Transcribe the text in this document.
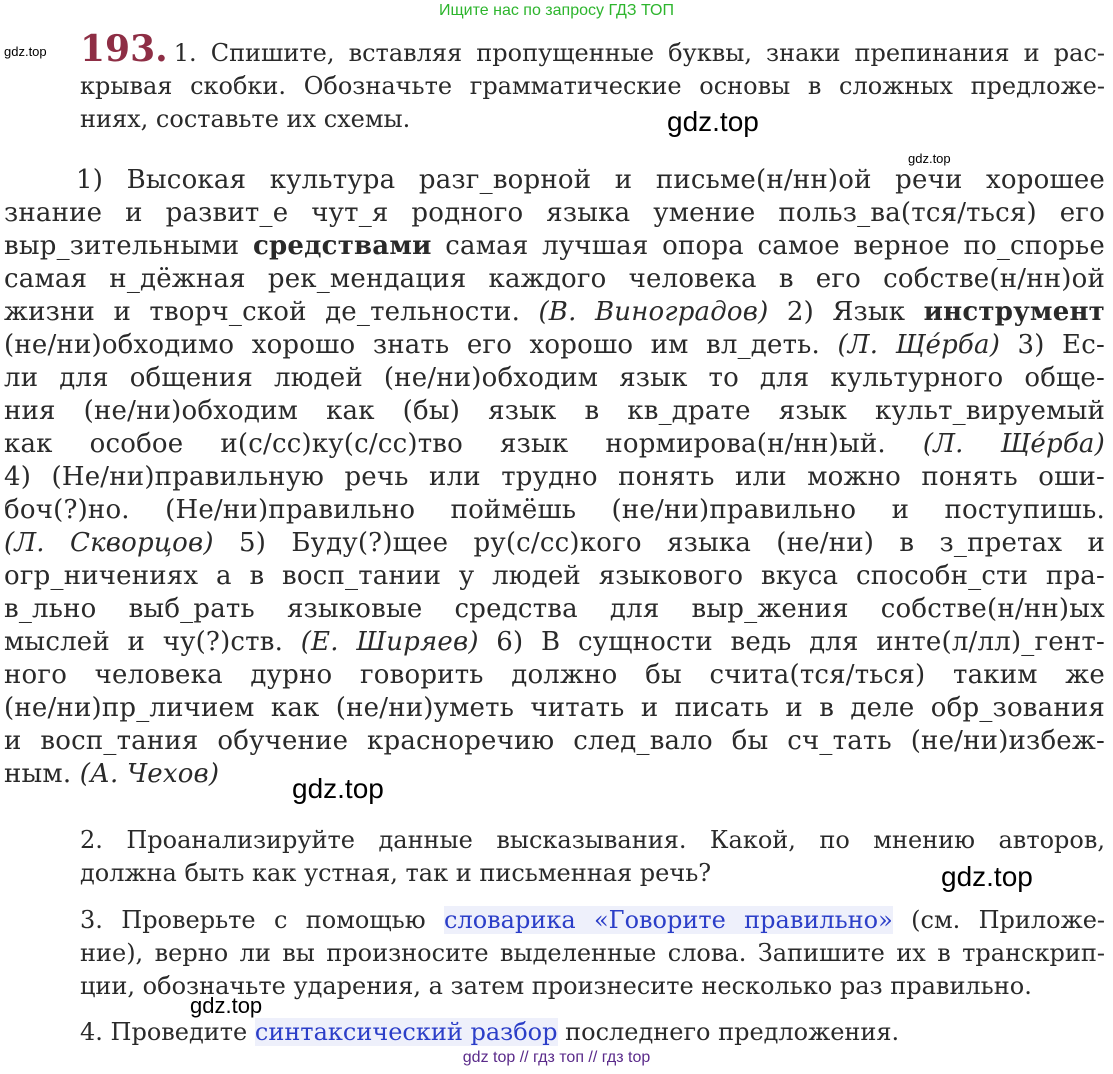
Ищите нас по запросу ГДЗ ТОП
gdz.top
gdz.top
gdz.top
gdz.top
gdz.top
gdz.top
193. 1. Спишите, вставляя пропущенные буквы, знаки препинания и рас-
крывая скобки. Обозначьте грамматические основы в сложных предложе-
ниях, составьте их схемы.
1) Высокая культура разг_ворной и письме(н/нн)ой речи хорошее
знание и развит_е чут_я родного языка умение польз_ва(тся/ться) его
выр_зительными средствами самая лучшая опора самое верное по_спорье
самая н_дёжная рек_мендация каждого человека в его собстве(н/нн)ой
жизни и творч_ской де_тельности. (В. Виноградов) 2) Язык инструмент
(не/ни)обходимо хорошо знать его хорошо им вл_деть. (Л. Щéрба) 3) Ес-
ли для общения людей (не/ни)обходим язык то для культурного обще-
ния (не/ни)обходим как (бы) язык в кв_драте язык культ_вируемый
как особое и(с/сс)ку(с/сс)тво язык нормирова(н/нн)ый. (Л. Щéрба)
4) (Не/ни)правильную речь или трудно понять или можно понять оши-
боч(?)но. (Не/ни)правильно поймёшь (не/ни)правильно и поступишь.
(Л. Скворцов) 5) Буду(?)щее ру(с/сс)кого языка (не/ни) в з_претах и
огр_ничениях а в восп_тании у людей языкового вкуса способн_сти пра-
в_льно выб_рать языковые средства для выр_жения собстве(н/нн)ых
мыслей и чу(?)ств. (Е. Ширяев) 6) В сущности ведь для инте(л/лл)_гент-
ного человека дурно говорить должно бы счита(тся/ться) таким же
(не/ни)пр_личием как (не/ни)уметь читать и писать и в деле обр_зования
и восп_тания обучение красноречию след_вало бы сч_тать (не/ни)избеж-
ным. (А. Чехов)
2. Проанализируйте данные высказывания. Какой, по мнению авторов,
должна быть как устная, так и письменная речь?
3. Проверьте с помощью словарика «Говорите правильно» (см. Приложе-
ние), верно ли вы произносите выделенные слова. Запишите их в транскрип-
ции, обозначьте ударения, а затем произнесите несколько раз правильно.
4. Проведите синтаксический разбор последнего предложения.
gdz top // гдз топ // гдз top
